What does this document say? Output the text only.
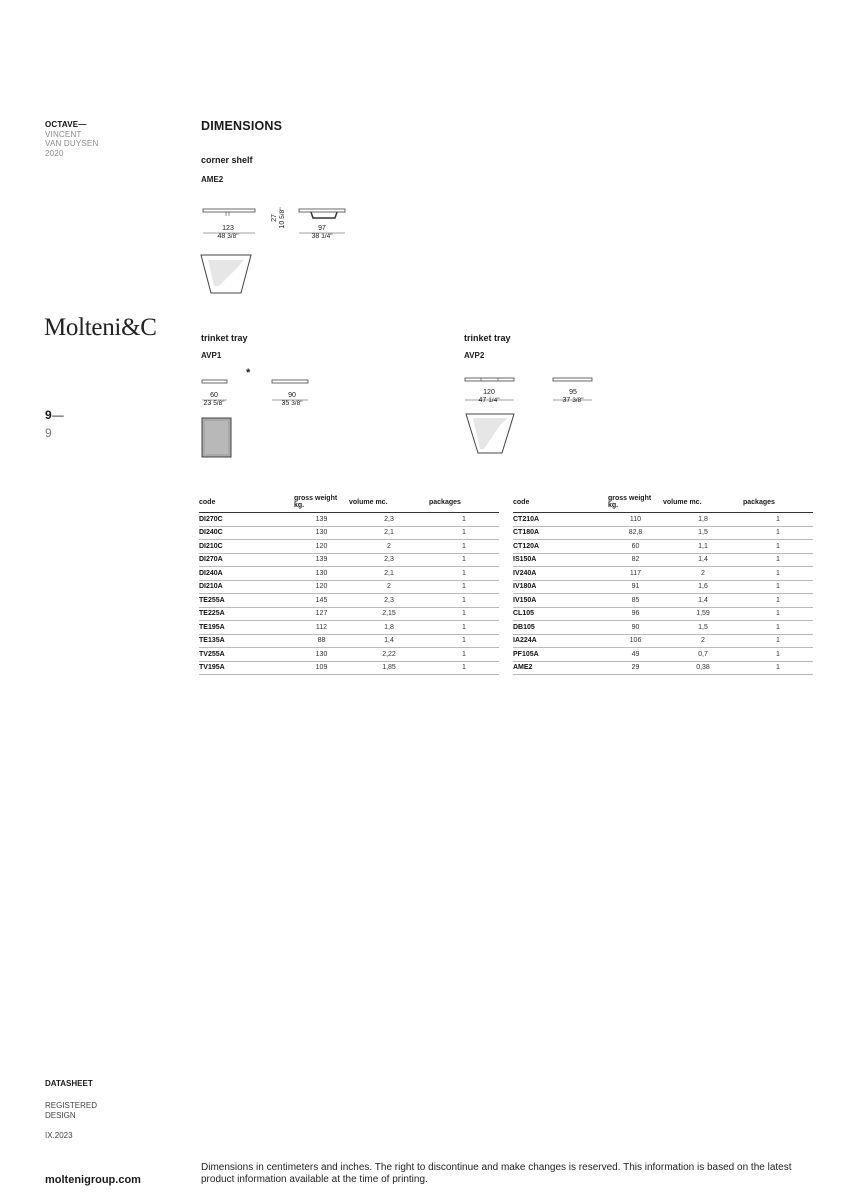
OCTAVE—
VINCENT
VAN DUYSEN
2020
Molteni&C
9—
9
DIMENSIONS
corner shelf
AME2
123
48 3/8"
97
38 1/4"
27
10 5/8"
trinket tray
AVP1
*
60
23 5/8"
90
35 3/8"
trinket tray
AVP2
120
47 1/4"
95
37 3/8"
code	gross weight kg.	volume mc.	packages
DI270C	139	2,3	1
DI240C	130	2,1	1
DI210C	120	2	1
DI270A	139	2,3	1
DI240A	130	2,1	1
DI210A	120	2	1
TE255A	145	2,3	1
TE225A	127	2,15	1
TE195A	112	1,8	1
TE135A	88	1,4	1
TV255A	130	2,22	1
TV195A	109	1,85	1
code	gross weight kg.	volume mc.	packages
CT210A	110	1,8	1
CT180A	82,8	1,5	1
CT120A	60	1,1	1
IS150A	82	1,4	1
IV240A	117	2	1
IV180A	91	1,6	1
IV150A	85	1,4	1
CL105	96	1,59	1
DB105	90	1,5	1
IA224A	106	2	1
PF105A	49	0,7	1
AME2	29	0,38	1
DATASHEET
REGISTERED
DESIGN
IX.2023
moltenigroup.com
Dimensions in centimeters and inches. The right to discontinue and make changes is reserved. This information is based on the latest product information available at the time of printing.
